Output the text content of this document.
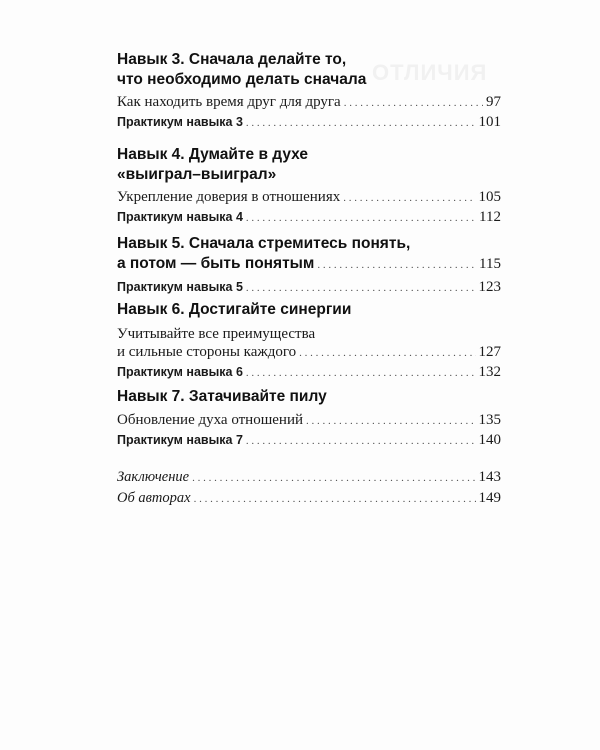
ОТЛИЧИЯ

Навык 3. Сначала делайте то,

что необходимо делать сначала

Как находить время друг для друга . . .	97
Практикум навыка 3 . . .	101

Навык 4. Думайте в духе

«выиграл–выиграл»

Укрепление доверия в отношениях . . .	105
Практикум навыка 4 . . .	112

Навык 5. Сначала стремитесь понять,

а потом — быть понятым . . .	115
Практикум навыка 5 . . .	123

Навык 6. Достигайте синергии

Учитывайте все преимущества
и сильные стороны каждого . . .	127
Практикум навыка 6 . . .	132

Навык 7. Затачивайте пилу

Обновление духа отношений . . .	135
Практикум навыка 7 . . .	140
Заключение . . .	143
Об авторах . . .	149
